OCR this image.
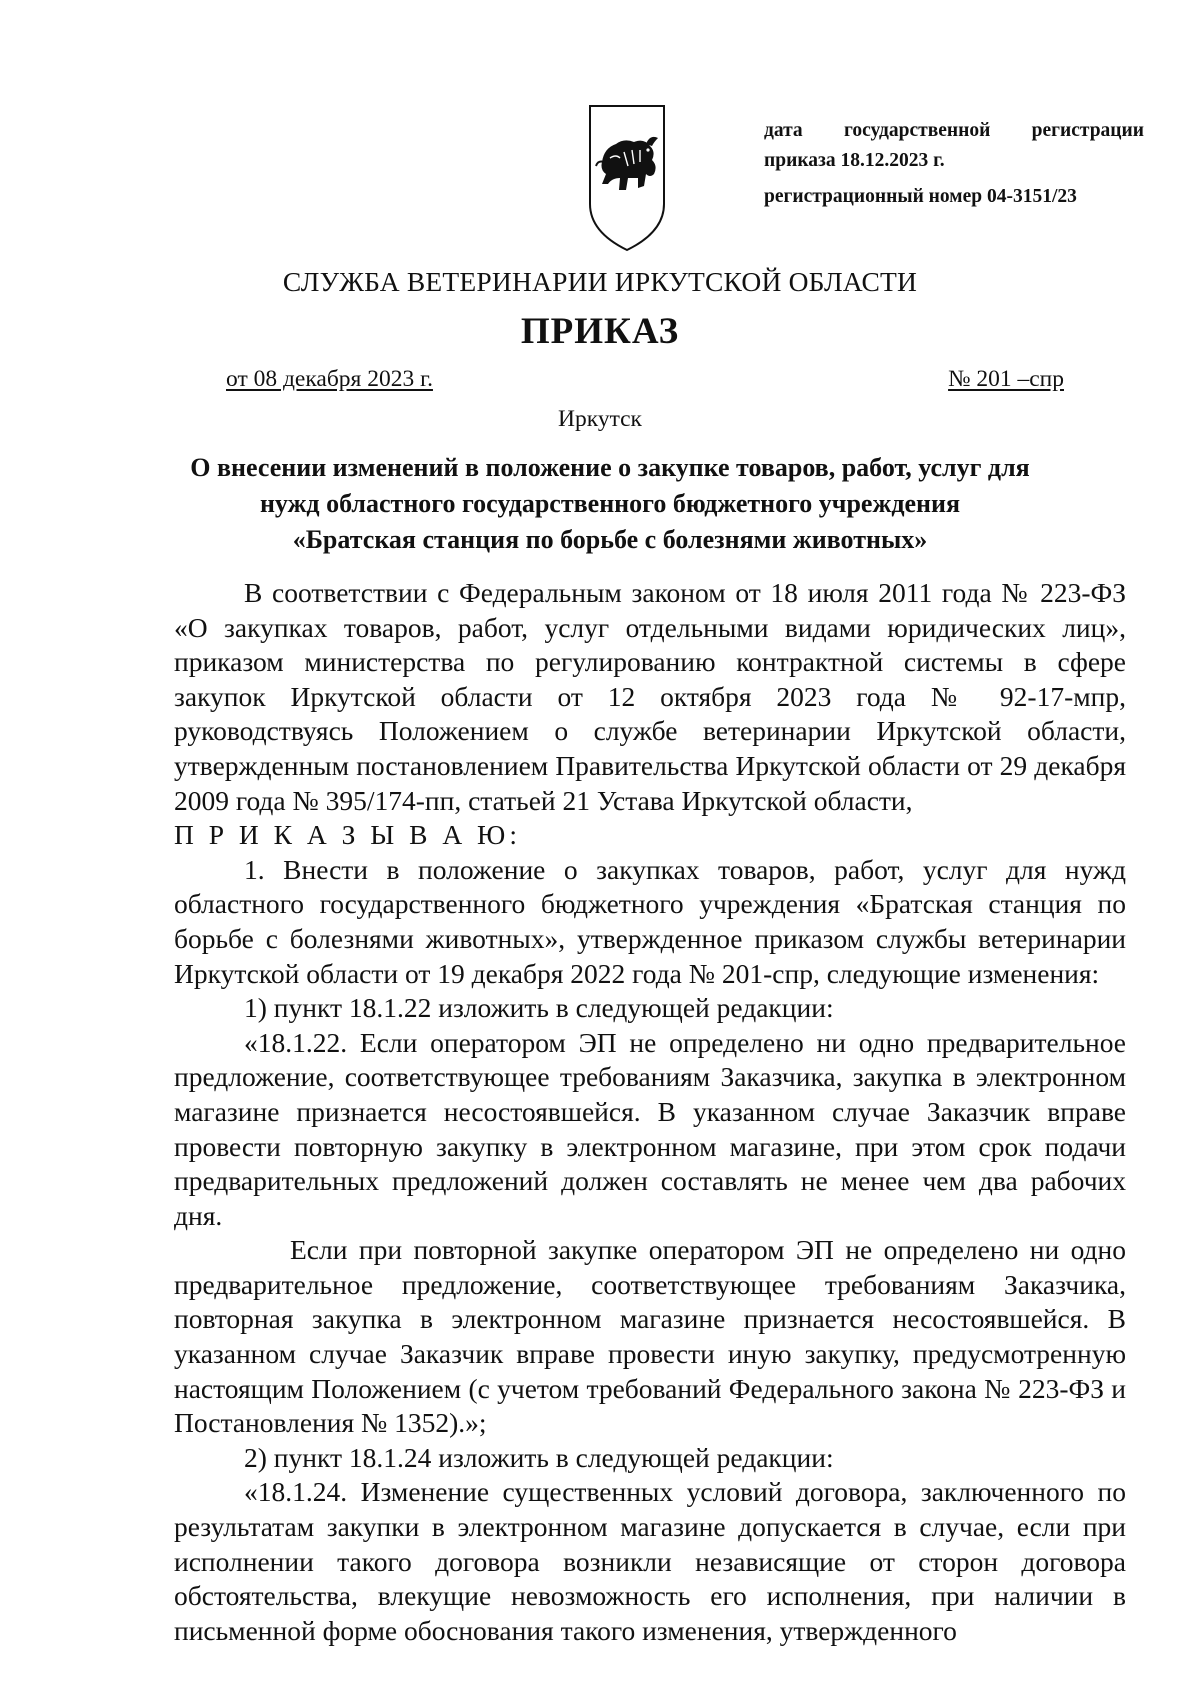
дата государственной регистрации
приказа 18.12.2023 г.
регистрационный номер 04-3151/23
СЛУЖБА ВЕТЕРИНАРИИ ИРКУТСКОЙ ОБЛАСТИ
ПРИКАЗ
от 08 декабря 2023 г.	№ 201 –спр
Иркутск
О внесении изменений в положение о закупке товаров, работ, услуг для
нужд областного государственного бюджетного учреждения
«Братская станция по борьбе с болезнями животных»

В соответствии с Федеральным законом от 18 июля 2011 года № 223-ФЗ «О закупках товаров, работ, услуг отдельными видами юридических лиц», приказом министерства по регулированию контрактной системы в сфере закупок Иркутской области от 12 октября 2023 года № 92-17-мпр, руководствуясь Положением о службе ветеринарии Иркутской области, утвержденным постановлением Правительства Иркутской области от 29 декабря 2009 года № 395/174-пп, статьей 21 Устава Иркутской области,

П Р И К А З Ы В А Ю:

1. Внести в положение о закупках товаров, работ, услуг для нужд областного государственного бюджетного учреждения «Братская станция по борьбе с болезнями животных», утвержденное приказом службы ветеринарии Иркутской области от 19 декабря 2022 года № 201-спр, следующие изменения:

1) пункт 18.1.22 изложить в следующей редакции:

«18.1.22. Если оператором ЭП не определено ни одно предварительное предложение, соответствующее требованиям Заказчика, закупка в электронном магазине признается несостоявшейся. В указанном случае Заказчик вправе провести повторную закупку в электронном магазине, при этом срок подачи предварительных предложений должен составлять не менее чем два рабочих дня.

Если при повторной закупке оператором ЭП не определено ни одно предварительное предложение, соответствующее требованиям Заказчика, повторная закупка в электронном магазине признается несостоявшейся. В указанном случае Заказчик вправе провести иную закупку, предусмотренную настоящим Положением (с учетом требований Федерального закона № 223-ФЗ и Постановления № 1352).»;

2) пункт 18.1.24 изложить в следующей редакции:

«18.1.24. Изменение существенных условий договора, заключенного по результатам закупки в электронном магазине допускается в случае, если при исполнении такого договора возникли независящие от сторон договора обстоятельства, влекущие невозможность его исполнения, при наличии в письменной форме обоснования такого изменения, утвержденного
